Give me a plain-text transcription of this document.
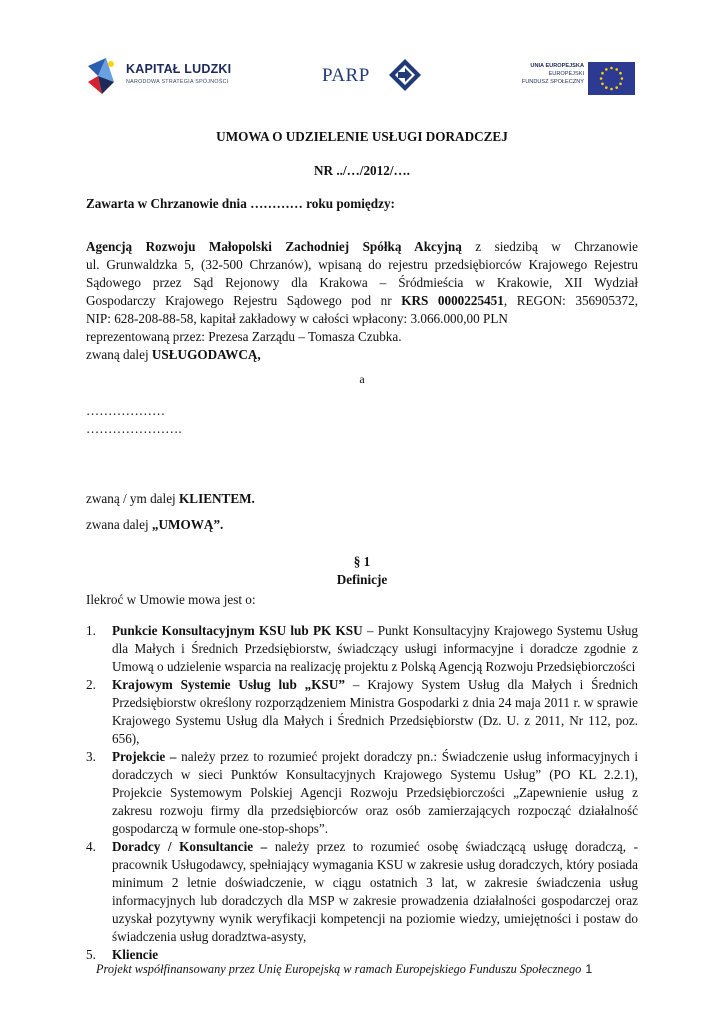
KAPITAŁ LUDZKI
NARODOWA STRATEGIA SPÓJNOŚCI	PARP	UNIA EUROPEJSKA
EUROPEJSKI
FUNDUSZ SPOŁECZNY
UMOWA O UDZIELENIE USŁUGI DORADCZEJ
NR ../…/2012/….
Zawarta w Chrzanowie dnia ………… roku pomiędzy:
Agencją Rozwoju Małopolski Zachodniej Spółką Akcyjną z siedzibą w Chrzanowie
ul. Grunwaldzka 5, (32-500 Chrzanów), wpisaną do rejestru przedsiębiorców Krajowego Rejestru
Sądowego przez Sąd Rejonowy dla Krakowa – Śródmieścia w Krakowie, XII Wydział
Gospodarczy Krajowego Rejestru Sądowego pod nr KRS 0000225451, REGON: 356905372,
NIP: 628-208-88-58, kapitał zakładowy w całości wpłacony: 3.066.000,00 PLN
reprezentowaną przez: Prezesa Zarządu – Tomasza Czubka.
zwaną dalej USŁUGODAWCĄ,
a
………………
………………….
zwaną / ym dalej KLIENTEM.
zwana dalej „UMOWĄ”.
§ 1
Definicje
Ilekroć w Umowie mowa jest o:
1. Punkcie Konsultacyjnym KSU lub PK KSU – Punkt Konsultacyjny Krajowego Systemu Usług dla Małych i Średnich Przedsiębiorstw, świadczący usługi informacyjne i doradcze zgodnie z Umową o udzielenie wsparcia na realizację projektu z Polską Agencją Rozwoju Przedsiębiorczości
2. Krajowym Systemie Usług lub „KSU” – Krajowy System Usług dla Małych i Średnich Przedsiębiorstw określony rozporządzeniem Ministra Gospodarki z dnia 24 maja 2011 r. w sprawie Krajowego Systemu Usług dla Małych i Średnich Przedsiębiorstw (Dz. U. z 2011, Nr 112, poz. 656),
3. Projekcie – należy przez to rozumieć projekt doradczy pn.: Świadczenie usług informacyjnych i doradczych w sieci Punktów Konsultacyjnych Krajowego Systemu Usług” (PO KL 2.2.1), Projekcie Systemowym Polskiej Agencji Rozwoju Przedsiębiorczości „Zapewnienie usług z zakresu rozwoju firmy dla przedsiębiorców oraz osób zamierzających rozpocząć działalność gospodarczą w formule one-stop-shops”.
4. Doradcy / Konsultancie – należy przez to rozumieć osobę świadczącą usługę doradczą, - pracownik Usługodawcy, spełniający wymagania KSU w zakresie usług doradczych, który posiada minimum 2 letnie doświadczenie, w ciągu ostatnich 3 lat, w zakresie świadczenia usług informacyjnych lub doradczych dla MSP w zakresie prowadzenia działalności gospodarczej oraz uzyskał pozytywny wynik weryfikacji kompetencji na poziomie wiedzy, umiejętności i postaw do świadczenia usług doradztwa-asysty,
5. Kliencie
Projekt współfinansowany przez Unię Europejską w ramach Europejskiego Funduszu Społecznego 1
